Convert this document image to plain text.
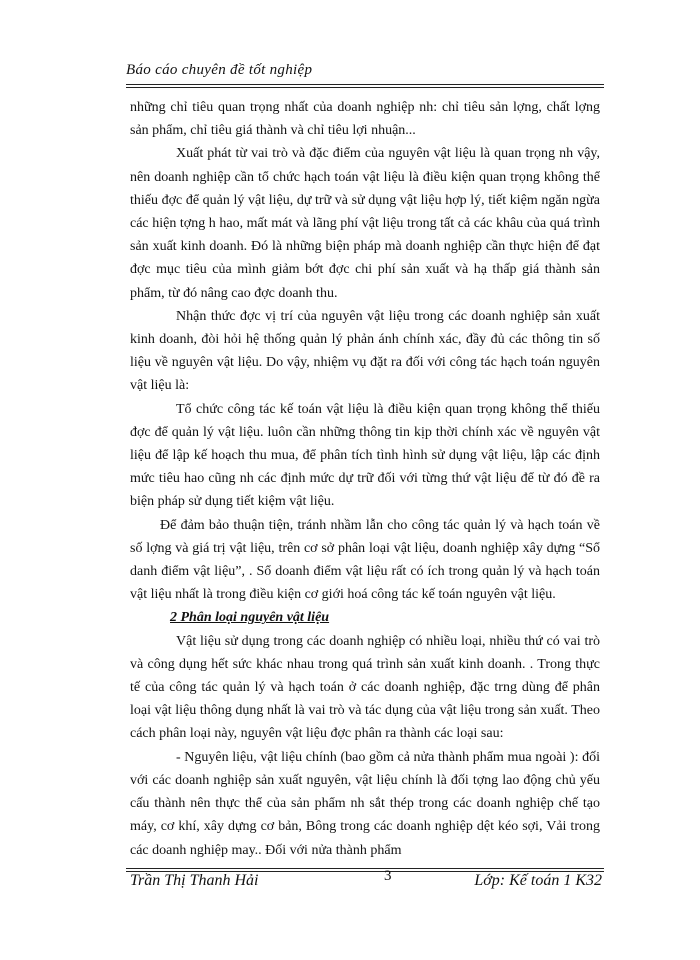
Báo cáo chuyên đề tốt nghiệp

những chỉ tiêu quan trọng nhất của doanh nghiệp nh: chỉ tiêu sản lợng, chất lợng sản phẩm, chỉ tiêu giá thành và chỉ tiêu lợi nhuận...

Xuất phát từ vai trò và đặc điểm của nguyên vật liệu là quan trọng nh vậy, nên doanh nghiệp cần tổ chức hạch toán vật liệu là điều kiện quan trọng không thể thiếu đợc để quản lý vật liệu, dự trữ và sử dụng vật liệu hợp lý, tiết kiệm ngăn ngừa các hiện tợng h hao, mất mát và lãng phí vật liệu trong tất cả các khâu của quá trình sản xuất kinh doanh. Đó là những biện pháp mà doanh nghiệp cần thực hiện để đạt đợc mục tiêu của mình giảm bớt đợc chi phí sản xuất và hạ thấp giá thành sản phẩm, từ đó nâng cao đợc doanh thu.

Nhận thức đợc vị trí của nguyên vật liệu trong các doanh nghiệp sản xuất kinh doanh, đòi hỏi hệ thống quản lý phản ánh chính xác, đầy đủ các thông tin số liệu về nguyên vật liệu. Do vậy, nhiệm vụ đặt ra đối với công tác hạch toán nguyên vật liệu là:

Tổ chức công tác kế toán vật liệu là điều kiện quan trọng không thể thiếu đợc để quản lý vật liệu. luôn cần những thông tin kịp thời chính xác về nguyên vật liệu để lập kế hoạch thu mua, để phân tích tình hình sử dụng vật liệu, lập các định mức tiêu hao cũng nh các định mức dự trữ đối với từng thứ vật liệu để từ đó đề ra biện pháp sử dụng tiết kiệm vật liệu.

Để đảm bảo thuận tiện, tránh nhầm lẫn cho công tác quản lý và hạch toán về số lợng và giá trị vật liệu, trên cơ sở phân loại vật liệu, doanh nghiệp xây dựng “Sổ danh điểm vật liệu”, . Sổ doanh điểm vật liệu rất có ích trong quản lý và hạch toán vật liệu nhất là trong điều kiện cơ giới hoá công tác kế toán nguyên vật liệu.

2 Phân loại nguyên vật liệu

Vật liệu sử dụng trong các doanh nghiệp có nhiều loại, nhiều thứ có vai trò và công dụng hết sức khác nhau trong quá trình sản xuất kinh doanh. . Trong thực tế của công tác quản lý và hạch toán ở các doanh nghiệp, đặc trng dùng để phân loại vật liệu thông dụng nhất là vai trò và tác dụng của vật liệu trong sản xuất. Theo cách phân loại này, nguyên vật liệu đợc phân ra thành các loại sau:

- Nguyên liệu, vật liệu chính (bao gồm cả nửa thành phẩm mua ngoài ): đối với các doanh nghiệp sản xuất nguyên, vật liệu chính là đối tợng lao động chủ yếu cấu thành nên thực thể của sản phẩm nh sắt thép trong các doanh nghiệp chế tạo máy, cơ khí, xây dựng cơ bản, Bông trong các doanh nghiệp dệt kéo sợi, Vải trong các doanh nghiệp may.. Đối với nửa thành phẩm

Trần Thị Thanh Hải	3	Lớp: Kế toán 1 K32
